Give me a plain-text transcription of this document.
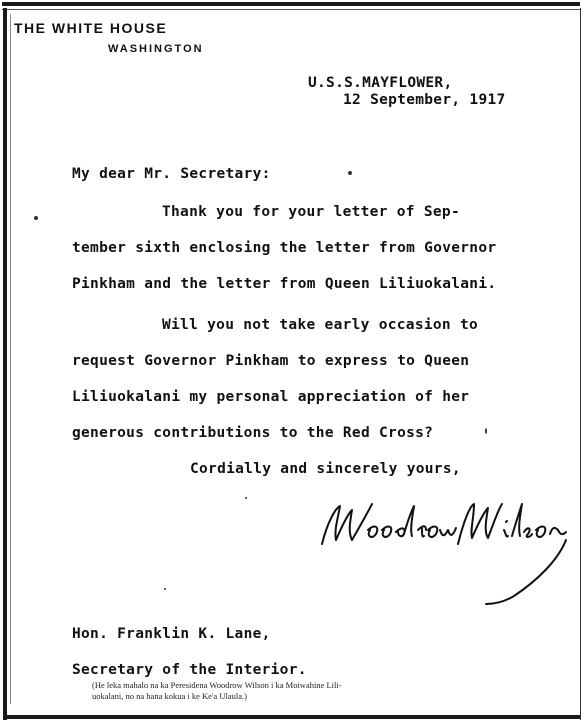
THE WHITE HOUSE
WASHINGTON
U.S.S.MAYFLOWER,
12 September, 1917
My dear Mr. Secretary:
Thank you for your letter of Sep-
tember sixth enclosing the letter from Governor
Pinkham and the letter from Queen Liliuokalani.
Will you not take early occasion to
request Governor Pinkham to express to Queen
Liliuokalani my personal appreciation of her
generous contributions to the Red Cross?
Cordially and sincerely yours,
Hon. Franklin K. Lane,
Secretary of the Interior.
(He leka mahalo na ka Peresidena Woodrow Wilson i ka Moiwahine Lili-
uokalani, no na hana kokua i ke Ke'a Ulaula.)
